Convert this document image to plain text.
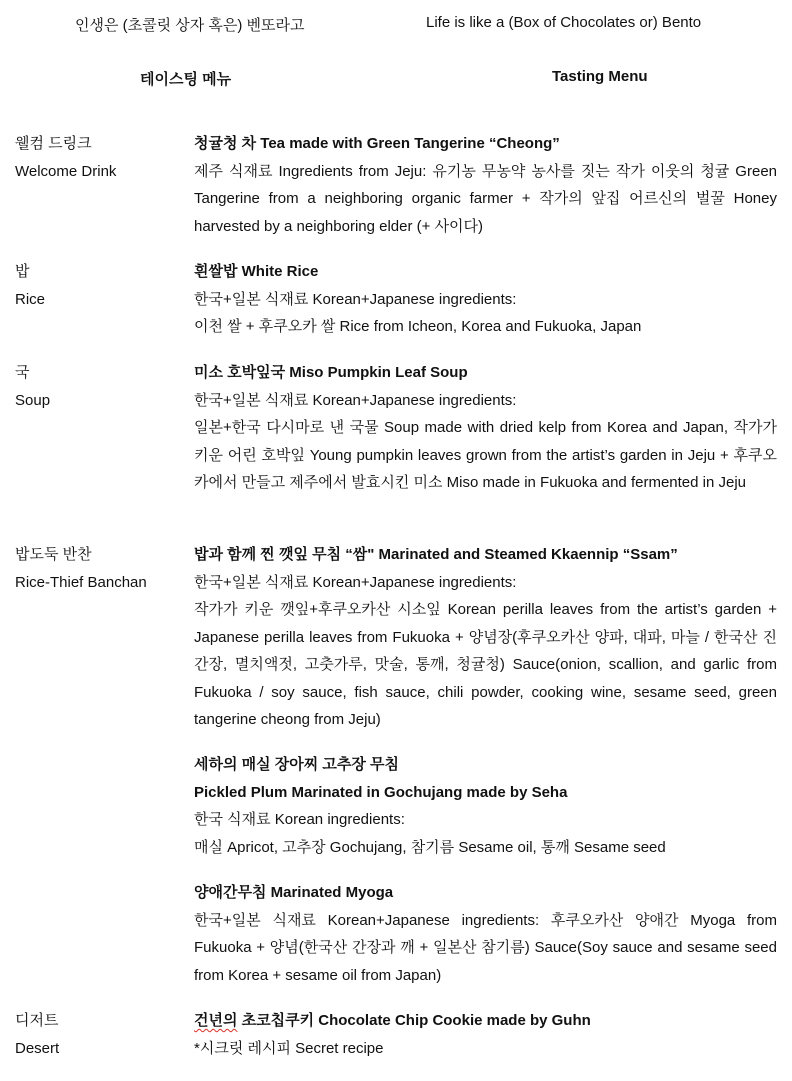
인생은 (초콜릿 상자 혹은) 벤또라고	Life is like a (Box of Chocolates or) Bento
테이스팅 메뉴	Tasting Menu
웰컴 드링크
Welcome Drink
청귤청 차 Tea made with Green Tangerine “Cheong”
제주 식재료 Ingredients from Jeju: 유기농 무농약 농사를 짓는 작가 이웃의 청귤 Green Tangerine from a neighboring organic farmer + 작가의 앞집 어르신의 벌꿀 Honey harvested by a neighboring elder (+ 사이다)
밥
Rice
흰쌀밥 White Rice
한국+일본 식재료 Korean+Japanese ingredients:
이천 쌀 + 후쿠오카 쌀 Rice from Icheon, Korea and Fukuoka, Japan
국
Soup
미소 호박잎국 Miso Pumpkin Leaf Soup
한국+일본 식재료 Korean+Japanese ingredients:
일본+한국 다시마로 낸 국물 Soup made with dried kelp from Korea and Japan, 작가가 키운 어린 호박잎 Young pumpkin leaves grown from the artist’s garden in Jeju + 후쿠오카에서 만들고 제주에서 발효시킨 미소 Miso made in Fukuoka and fermented in Jeju
밥도둑 반찬
Rice-Thief Banchan
밥과 함께 찐 깻잎 무침 “쌈" Marinated and Steamed Kkaennip “Ssam”
한국+일본 식재료 Korean+Japanese ingredients:
작가가 키운 깻잎+후쿠오카산 시소잎 Korean perilla leaves from the artist’s garden + Japanese perilla leaves from Fukuoka + 양념장(후쿠오카산 양파, 대파, 마늘 / 한국산 진간장, 멸치액젓, 고춧가루, 맛술, 통깨, 청귤청) Sauce(onion, scallion, and garlic from Fukuoka / soy sauce, fish sauce, chili powder, cooking wine, sesame seed, green tangerine cheong from Jeju)
세하의 매실 장아찌 고추장 무침
Pickled Plum Marinated in Gochujang made by Seha
한국 식재료 Korean ingredients:
매실 Apricot, 고추장 Gochujang, 참기름 Sesame oil, 통깨 Sesame seed
양애간무침 Marinated Myoga
한국+일본 식재료 Korean+Japanese ingredients: 후쿠오카산 양애간 Myoga from Fukuoka + 양념(한국산 간장과 깨 + 일본산 참기름) Sauce(Soy sauce and sesame seed from Korea + sesame oil from Japan)
디저트
Desert
건년의 초코칩쿠키 Chocolate Chip Cookie made by Guhn
*시크릿 레시피 Secret recipe
